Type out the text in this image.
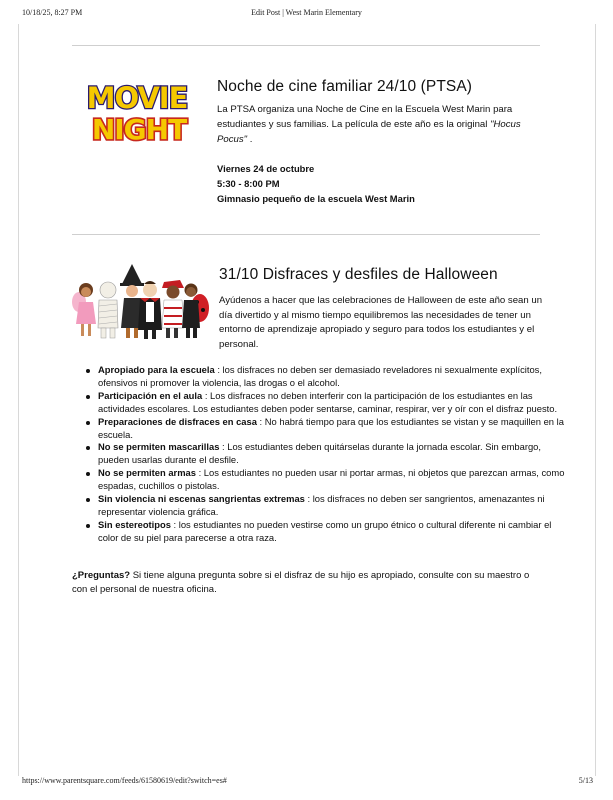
10/18/25, 8:27 PM	Edit Post | West Marin Elementary
MOVIE
NIGHT
Noche de cine familiar 24/10 (PTSA)

La PTSA organiza una Noche de Cine en la Escuela West Marin para estudiantes y sus familias. La película de este año es la original "Hocus Pocus" .

Viernes 24 de octubre
5:30 - 8:00 PM
Gimnasio pequeño de la escuela West Marin
31/10 Disfraces y desfiles de Halloween

Ayúdenos a hacer que las celebraciones de Halloween de este año sean un día divertido y al mismo tiempo equilibremos las necesidades de tener un entorno de aprendizaje apropiado y seguro para todos los estudiantes y el personal.

Apropiado para la escuela : los disfraces no deben ser demasiado reveladores ni sexualmente explícitos, ofensivos ni promover la violencia, las drogas o el alcohol.
Participación en el aula : Los disfraces no deben interferir con la participación de los estudiantes en las actividades escolares. Los estudiantes deben poder sentarse, caminar, respirar, ver y oír con el disfraz puesto.
Preparaciones de disfraces en casa : No habrá tiempo para que los estudiantes se vistan y se maquillen en la escuela.
No se permiten mascarillas : Los estudiantes deben quitárselas durante la jornada escolar. Sin embargo, pueden usarlas durante el desfile.
No se permiten armas : Los estudiantes no pueden usar ni portar armas, ni objetos que parezcan armas, como espadas, cuchillos o pistolas.
Sin violencia ni escenas sangrientas extremas : los disfraces no deben ser sangrientos, amenazantes ni representar violencia gráfica.
Sin estereotipos : los estudiantes no pueden vestirse como un grupo étnico o cultural diferente ni cambiar el color de su piel para parecerse a otra raza.

¿Preguntas? Si tiene alguna pregunta sobre si el disfraz de su hijo es apropiado, consulte con su maestro o con el personal de nuestra oficina.

https://www.parentsquare.com/feeds/61580619/edit?switch=es#	5/13
